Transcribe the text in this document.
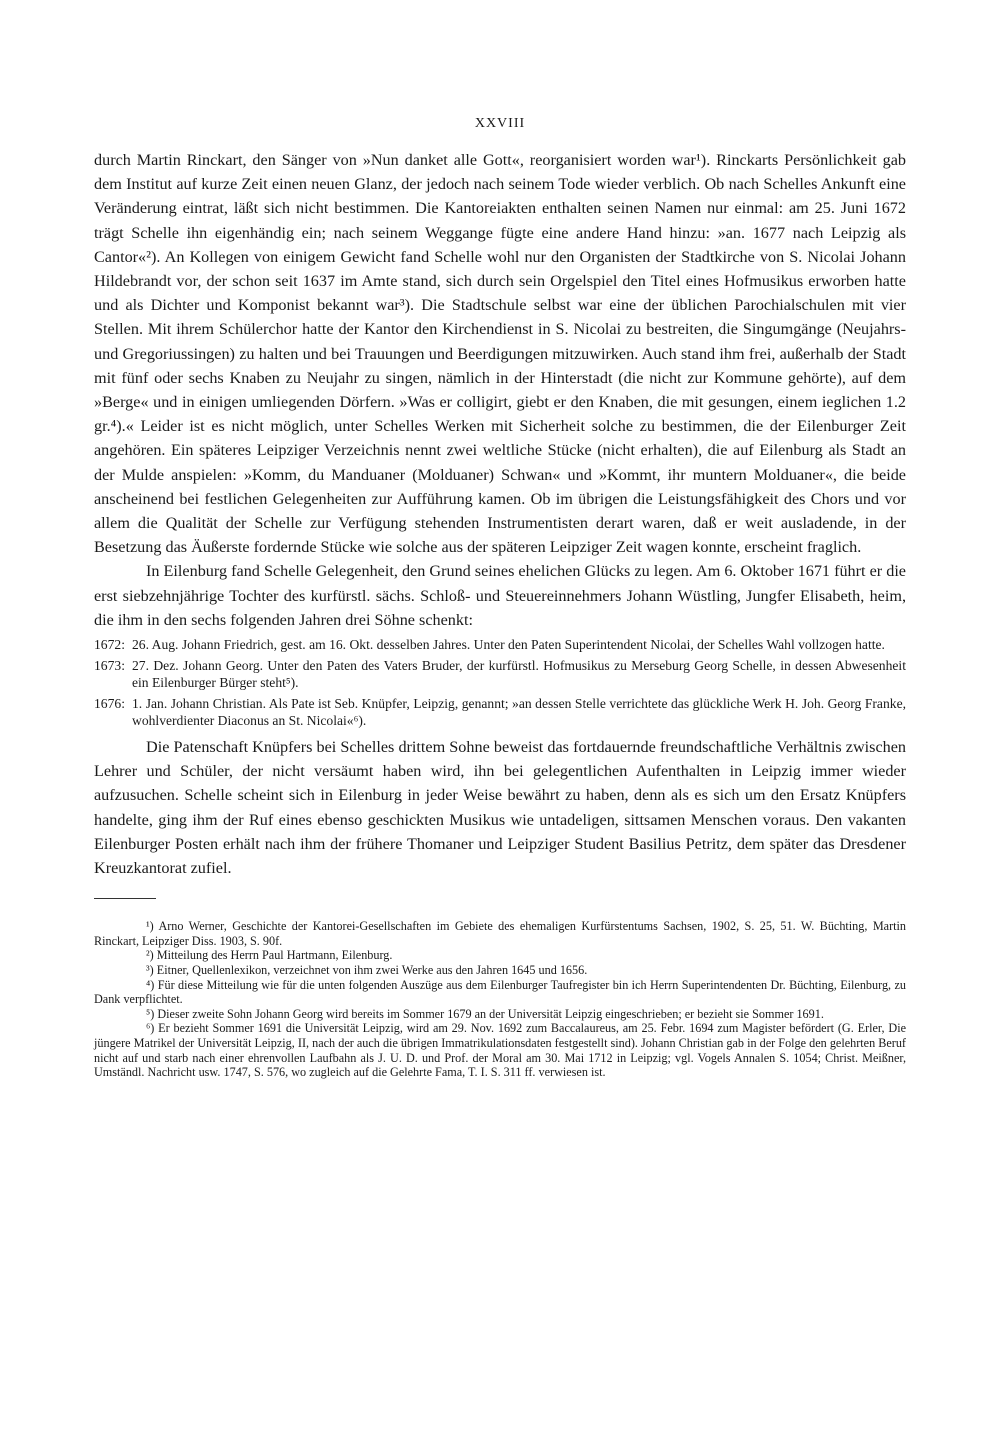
XXVIII

durch Martin Rinckart, den Sänger von »Nun danket alle Gott«, reorganisiert worden war¹). Rinckarts Persönlichkeit gab dem Institut auf kurze Zeit einen neuen Glanz, der jedoch nach seinem Tode wieder verblich. Ob nach Schelles Ankunft eine Veränderung eintrat, läßt sich nicht bestimmen. Die Kantoreiakten enthalten seinen Namen nur einmal: am 25. Juni 1672 trägt Schelle ihn eigenhändig ein; nach seinem Weggange fügte eine andere Hand hinzu: »an. 1677 nach Leipzig als Cantor«²). An Kollegen von einigem Gewicht fand Schelle wohl nur den Organisten der Stadtkirche von S. Nicolai Johann Hildebrandt vor, der schon seit 1637 im Amte stand, sich durch sein Orgelspiel den Titel eines Hofmusikus erworben hatte und als Dichter und Komponist bekannt war³). Die Stadtschule selbst war eine der üblichen Parochialschulen mit vier Stellen. Mit ihrem Schülerchor hatte der Kantor den Kirchendienst in S. Nicolai zu bestreiten, die Singumgänge (Neujahrs- und Gregoriussingen) zu halten und bei Trauungen und Beerdigungen mitzuwirken. Auch stand ihm frei, außerhalb der Stadt mit fünf oder sechs Knaben zu Neujahr zu singen, nämlich in der Hinterstadt (die nicht zur Kommune gehörte), auf dem »Berge« und in einigen umliegenden Dörfern. »Was er colligirt, giebt er den Knaben, die mit gesungen, einem ieglichen 1.2 gr.⁴).« Leider ist es nicht möglich, unter Schelles Werken mit Sicherheit solche zu bestimmen, die der Eilenburger Zeit angehören. Ein späteres Leipziger Verzeichnis nennt zwei weltliche Stücke (nicht erhalten), die auf Eilenburg als Stadt an der Mulde anspielen: »Komm, du Manduaner (Molduaner) Schwan« und »Kommt, ihr muntern Molduaner«, die beide anscheinend bei festlichen Gelegenheiten zur Aufführung kamen. Ob im übrigen die Leistungsfähigkeit des Chors und vor allem die Qualität der Schelle zur Verfügung stehenden Instrumentisten derart waren, daß er weit ausladende, in der Besetzung das Äußerste fordernde Stücke wie solche aus der späteren Leipziger Zeit wagen konnte, erscheint fraglich.

In Eilenburg fand Schelle Gelegenheit, den Grund seines ehelichen Glücks zu legen. Am 6. Oktober 1671 führt er die erst siebzehnjährige Tochter des kurfürstl. sächs. Schloß- und Steuereinnehmers Johann Wüstling, Jungfer Elisabeth, heim, die ihm in den sechs folgenden Jahren drei Söhne schenkt:

1672: 26. Aug. Johann Friedrich, gest. am 16. Okt. desselben Jahres. Unter den Paten Superintendent Nicolai, der Schelles Wahl vollzogen hatte.
1673: 27. Dez. Johann Georg. Unter den Paten des Vaters Bruder, der kurfürstl. Hofmusikus zu Merseburg Georg Schelle, in dessen Abwesenheit ein Eilenburger Bürger steht⁵).
1676: 1. Jan. Johann Christian. Als Pate ist Seb. Knüpfer, Leipzig, genannt; »an dessen Stelle verrichtete das glückliche Werk H. Joh. Georg Franke, wohlverdienter Diaconus an St. Nicolai«⁶).

Die Patenschaft Knüpfers bei Schelles drittem Sohne beweist das fortdauernde freundschaftliche Verhältnis zwischen Lehrer und Schüler, der nicht versäumt haben wird, ihn bei gelegentlichen Aufenthalten in Leipzig immer wieder aufzusuchen. Schelle scheint sich in Eilenburg in jeder Weise bewährt zu haben, denn als es sich um den Ersatz Knüpfers handelte, ging ihm der Ruf eines ebenso geschickten Musikus wie untadeligen, sittsamen Menschen voraus. Den vakanten Eilenburger Posten erhält nach ihm der frühere Thomaner und Leipziger Student Basilius Petritz, dem später das Dresdener Kreuzkantorat zufiel.

¹) Arno Werner, Geschichte der Kantorei-Gesellschaften im Gebiete des ehemaligen Kurfürstentums Sachsen, 1902, S. 25, 51. W. Büchting, Martin Rinckart, Leipziger Diss. 1903, S. 90f.

²) Mitteilung des Herrn Paul Hartmann, Eilenburg.

³) Eitner, Quellenlexikon, verzeichnet von ihm zwei Werke aus den Jahren 1645 und 1656.

⁴) Für diese Mitteilung wie für die unten folgenden Auszüge aus dem Eilenburger Taufregister bin ich Herrn Superintendenten Dr. Büchting, Eilenburg, zu Dank verpflichtet.

⁵) Dieser zweite Sohn Johann Georg wird bereits im Sommer 1679 an der Universität Leipzig eingeschrieben; er bezieht sie Sommer 1691.

⁶) Er bezieht Sommer 1691 die Universität Leipzig, wird am 29. Nov. 1692 zum Baccalaureus, am 25. Febr. 1694 zum Magister befördert (G. Erler, Die jüngere Matrikel der Universität Leipzig, II, nach der auch die übrigen Immatrikulationsdaten festgestellt sind). Johann Christian gab in der Folge den gelehrten Beruf nicht auf und starb nach einer ehrenvollen Laufbahn als J. U. D. und Prof. der Moral am 30. Mai 1712 in Leipzig; vgl. Vogels Annalen S. 1054; Christ. Meißner, Umständl. Nachricht usw. 1747, S. 576, wo zugleich auf die Gelehrte Fama, T. I. S. 311 ff. verwiesen ist.
